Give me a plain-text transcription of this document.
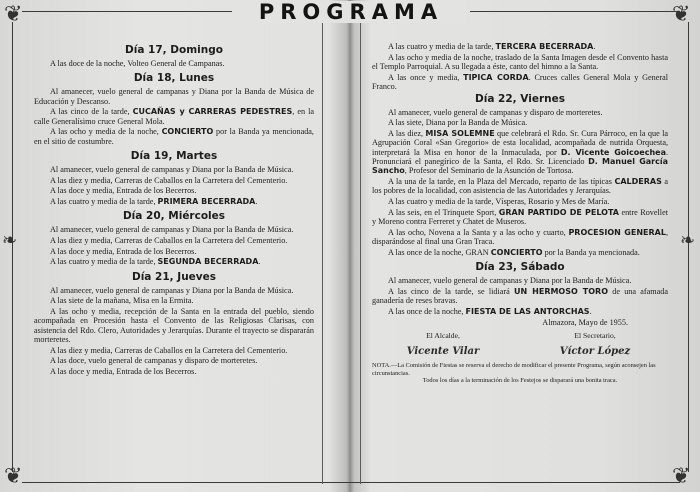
❦	❦
❦	❦
❧	❧
PROGRAMA
Día 17, Domingo
A las doce de la noche, Volteo General de Campanas.
Día 18, Lunes
Al amanecer, vuelo general de campanas y Diana por la Banda de Música de Educación y Descanso.
A las cinco de la tarde, CUCAÑAS y CARRERAS PEDESTRES, en la calle Generalísimo cruce General Mola.
A las ocho y media de la noche, CONCIERTO por la Banda ya mencionada, en el sitio de costumbre.
Día 19, Martes
Al amanecer, vuelo general de campanas y Diana por la Banda de Música.
A las diez y media, Carreras de Caballos en la Carretera del Cementerio.
A las doce y media, Entrada de los Becerros.
A las cuatro y media de la tarde, PRIMERA BECERRADA.
Día 20, Miércoles
Al amanecer, vuelo general de campanas y Diana por la Banda de Música.
A las diez y media, Carreras de Caballos en la Carretera del Cementerio.
A las doce y media, Entrada de los Becerros.
A las cuatro y media de la tarde, SEGUNDA BECERRADA.
Día 21, Jueves
Al amanecer, vuelo general de campanas y Diana por la Banda de Música.
A las siete de la mañana, Misa en la Ermita.
A las ocho y media, recepción de la Santa en la entrada del pueblo, siendo acompañada en Procesión hasta el Convento de las Religiosas Clarisas, con asistencia del Rdo. Clero, Autoridades y Jerarquías. Durante el trayecto se dispararán morteretes.
A las diez y media, Carreras de Caballos en la Carretera del Cementerio.
A las doce, vuelo general de campanas y disparo de morteretes.
A las doce y media, Entrada de los Becerros.
A las cuatro y media de la tarde, TERCERA BECERRADA.
A las ocho y media de la noche, traslado de la Santa Imagen desde el Convento hasta el Templo Parroquial. A su llegada a éste, canto del himno a la Santa.
A las once y media, TIPICA CORDA. Cruces calles General Mola y General Franco.
Día 22, Viernes
Al amanecer, vuelo general de campanas y disparo de morteretes.
A las siete, Diana por la Banda de Música.
A las diez, MISA SOLEMNE que celebrará el Rdo. Sr. Cura Párroco, en la que la Agrupación Coral «San Gregorio» de esta localidad, acompañada de nutrida Orquesta, interpretará la Misa en honor de la Inmaculada, por D. Vicente Goicoechea. Pronunciará el panegírico de la Santa, el Rdo. Sr. Licenciado D. Manuel García Sancho, Profesor del Seminario de la Asunción de Tortosa.
A la una de la tarde, en la Plaza del Mercado, reparto de las típicas CALDERAS a los pobres de la localidad, con asistencia de las Autoridades y Jerarquías.
A las cuatro y media de la tarde, Vísperas, Rosario y Mes de María.
A las seis, en el Trinquete Sport, GRAN PARTIDO DE PELOTA entre Rovellet y Moreno contra Ferreret y Chatet de Museros.
A las ocho, Novena a la Santa y a las ocho y cuarto, PROCESION GENERAL, disparándose al final una Gran Traca.
A las once de la noche, GRAN CONCIERTO por la Banda ya mencionada.
Día 23, Sábado
Al amanecer, vuelo general de campanas y Diana por la Banda de Música.
A las cinco de la tarde, se lidiará UN HERMOSO TORO de una afamada ganadería de reses bravas.
A las once de la noche, FIESTA DE LAS ANTORCHAS.
Almazora, Mayo de 1955.
El Alcalde,
Vicente Vilar
El Secretario,
Víctor López
NOTA.—La Comisión de Fiestas se reserva el derecho de modificar el presente Programa, según aconsejen las circunstancias.
Todos los días a la terminación de los Festejos se disparará una bonita traca.
